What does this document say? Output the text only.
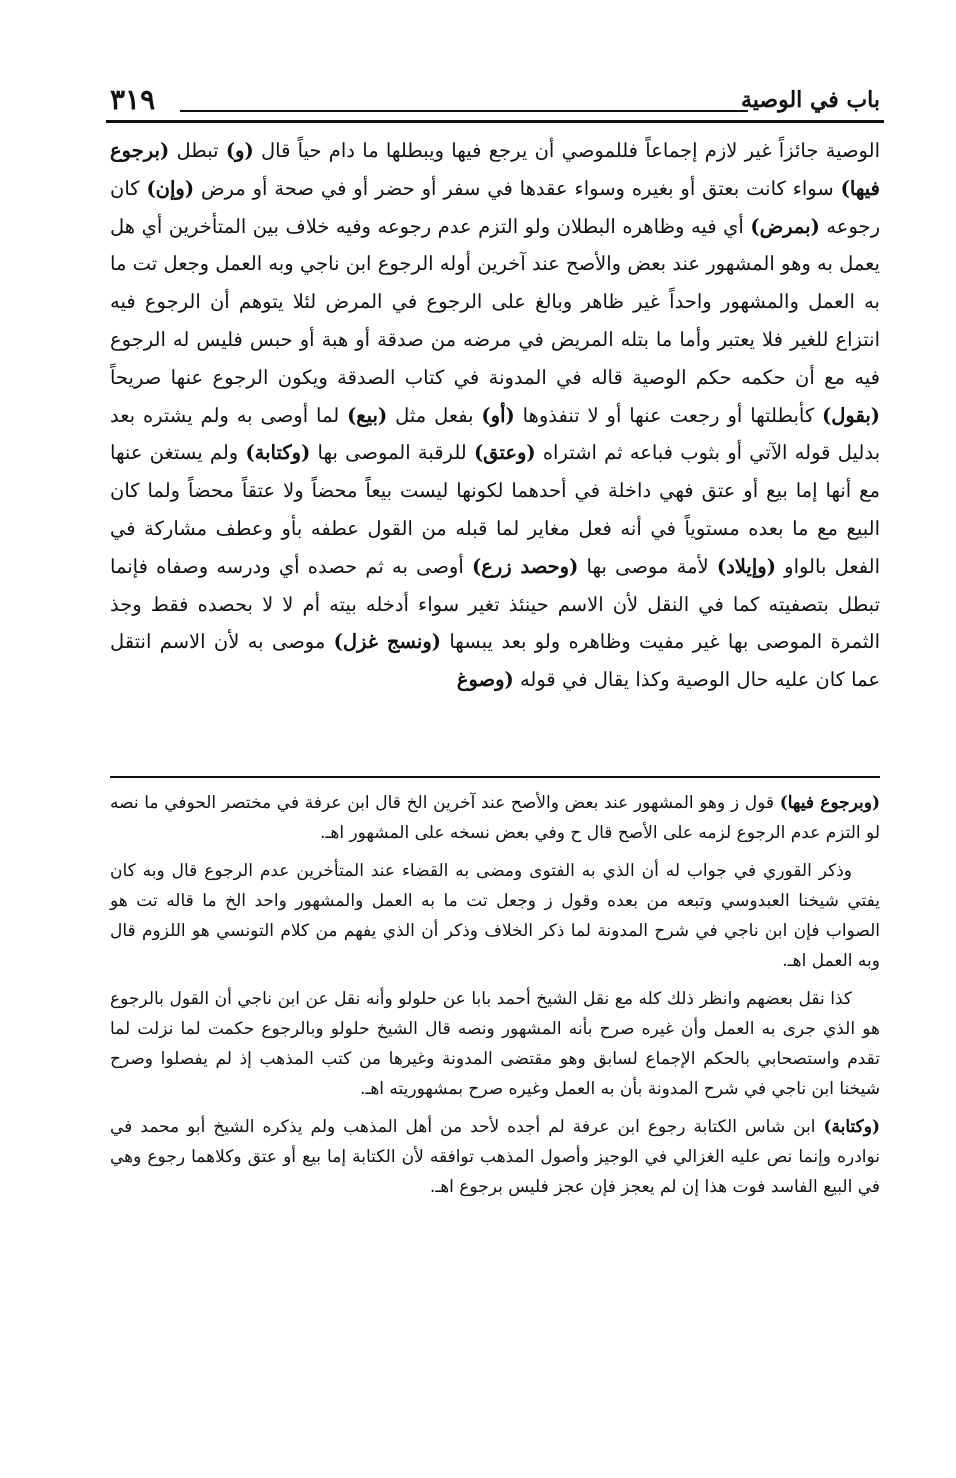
باب في الوصية
٣١٩

الوصية جائزاً غير لازم إجماعاً فللموصي أن يرجع فيها ويبطلها ما دام حياً قال (و) تبطل (برجوع فيها) سواء كانت بعتق أو بغيره وسواء عقدها في سفر أو حضر أو في صحة أو مرض (وإن) كان رجوعه (بمرض) أي فيه وظاهره البطلان ولو التزم عدم رجوعه وفيه خلاف بين المتأخرين أي هل يعمل به وهو المشهور عند بعض والأصح عند آخرين أوله الرجوع ابن ناجي وبه العمل وجعل تت ما به العمل والمشهور واحداً غير ظاهر وبالغ على الرجوع في المرض لئلا يتوهم أن الرجوع فيه انتزاع للغير فلا يعتبر وأما ما بتله المريض في مرضه من صدقة أو هبة أو حبس فليس له الرجوع فيه مع أن حكمه حكم الوصية قاله في المدونة في كتاب الصدقة ويكون الرجوع عنها صريحاً (بقول) كأبطلتها أو رجعت عنها أو لا تنفذوها (أو) بفعل مثل (بيع) لما أوصى به ولم يشتره بعد بدليل قوله الآتي أو بثوب فباعه ثم اشتراه (وعتق) للرقبة الموصى بها (وكتابة) ولم يستغن عنها مع أنها إما بيع أو عتق فهي داخلة في أحدهما لكونها ليست بيعاً محضاً ولا عتقاً محضاً ولما كان البيع مع ما بعده مستوياً في أنه فعل مغاير لما قبله من القول عطفه بأو وعطف مشاركة في الفعل بالواو (وإيلاد) لأمة موصى بها (وحصد زرع) أوصى به ثم حصده أي ودرسه وصفاه فإنما تبطل بتصفيته كما في النقل لأن الاسم حينئذ تغير سواء أدخله بيته أم لا لا بحصده فقط وجذ الثمرة الموصى بها غير مفيت وظاهره ولو بعد يبسها (ونسج غزل) موصى به لأن الاسم انتقل عما كان عليه حال الوصية وكذا يقال في قوله (وصوغ

(وبرجوع فيها) قول ز وهو المشهور عند بعض والأصح عند آخرين الخ قال ابن عرفة في مختصر الحوفي ما نصه لو التزم عدم الرجوع لزمه على الأصح قال ح وفي بعض نسخه على المشهور اهـ.

وذكر القوري في جواب له أن الذي به الفتوى ومضى به القضاء عند المتأخرين عدم الرجوع قال وبه كان يفتي شيخنا العبدوسي وتبعه من بعده وقول ز وجعل تت ما به العمل والمشهور واحد الخ ما قاله تت هو الصواب فإن ابن ناجي في شرح المدونة لما ذكر الخلاف وذكر أن الذي يفهم من كلام التونسي هو اللزوم قال وبه العمل اهـ.

كذا نقل بعضهم وانظر ذلك كله مع نقل الشيخ أحمد بابا عن حلولو وأنه نقل عن ابن ناجي أن القول بالرجوع هو الذي جرى به العمل وأن غيره صرح بأنه المشهور ونصه قال الشيخ حلولو وبالرجوع حكمت لما نزلت لما تقدم واستصحابي بالحكم الإجماع لسابق وهو مقتضى المدونة وغيرها من كتب المذهب إذ لم يفصلوا وصرح شيخنا ابن ناجي في شرح المدونة بأن به العمل وغيره صرح بمشهوريته اهـ.

(وكتابة) ابن شاس الكتابة رجوع ابن عرفة لم أجده لأحد من أهل المذهب ولم يذكره الشيخ أبو محمد في نوادره وإنما نص عليه الغزالي في الوجيز وأصول المذهب توافقه لأن الكتابة إما بيع أو عتق وكلاهما رجوع وهي في البيع الفاسد فوت هذا إن لم يعجز فإن عجز فليس برجوع اهـ.
